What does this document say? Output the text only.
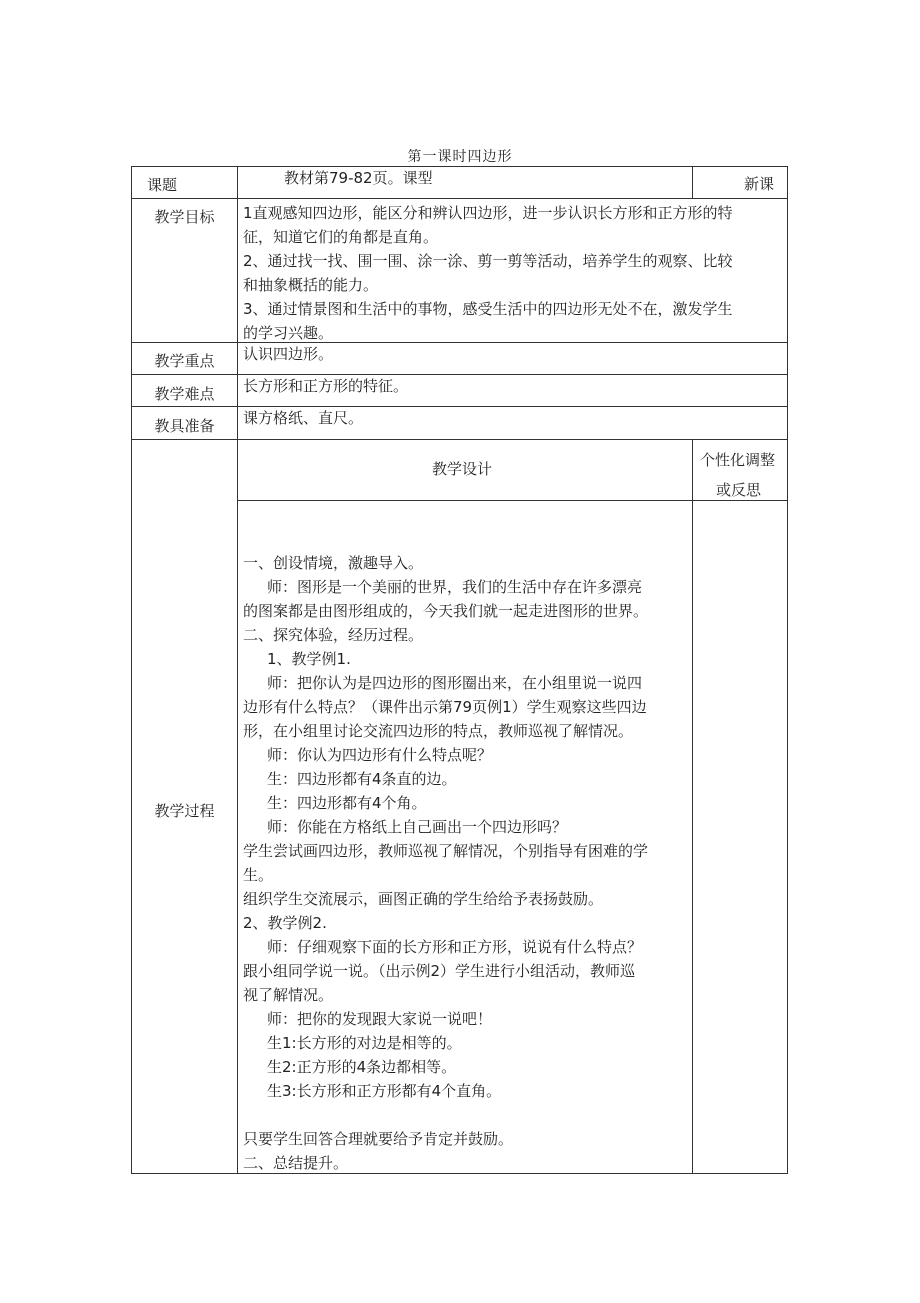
第一课时四边形
课题	教材第79-82页。课型	新课
教学目标	1直观感知四边形，能区分和辨认四边形，进一步认识长方形和正方形的特
征，知道它们的角都是直角。
2、通过找一找、围一围、涂一涂、剪一剪等活动，培养学生的观察、比较
和抽象概括的能力。
3、通过情景图和生活中的事物，感受生活中的四边形无处不在，激发学生
的学习兴趣。
教学重点	认识四边形。
教学难点	长方形和正方形的特征。
教具准备	课方格纸、直尺。
教学过程
教学设计	个性化调整
或反思
一、创设情境，激趣导入。
师：图形是一个美丽的世界，我们的生活中存在许多漂亮
的图案都是由图形组成的，今天我们就一起走进图形的世界。
二、探究体验，经历过程。
1、教学例1.
师：把你认为是四边形的图形圈出来，在小组里说一说四
边形有什么特点？（课件出示第79页例1）学生观察这些四边
形，在小组里讨论交流四边形的特点，教师巡视了解情况。
师：你认为四边形有什么特点呢？
生：四边形都有4条直的边。
生：四边形都有4个角。
师：你能在方格纸上自己画出一个四边形吗？
学生尝试画四边形，教师巡视了解情况，个别指导有困难的学
生。
组织学生交流展示，画图正确的学生给给予表扬鼓励。
2、教学例2.
师：仔细观察下面的长方形和正方形，说说有什么特点？
跟小组同学说一说。（出示例2）学生进行小组活动，教师巡
视了解情况。
师：把你的发现跟大家说一说吧！
生1:长方形的对边是相等的。
生2:正方形的4条边都相等。
生3:长方形和正方形都有4个直角。
只要学生回答合理就要给予肯定并鼓励。
二、总结提升。
